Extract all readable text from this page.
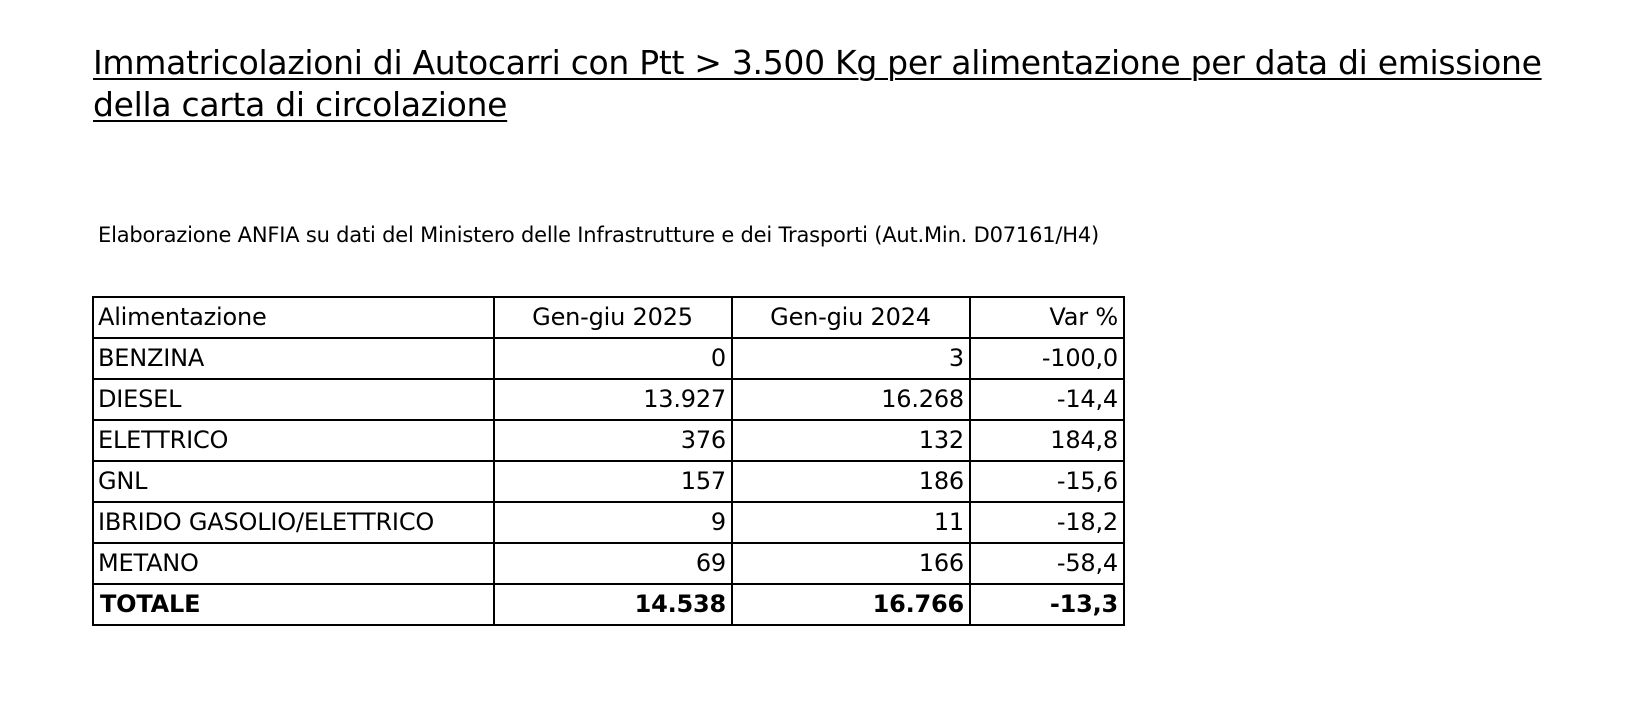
Immatricolazioni di Autocarri con Ptt > 3.500 Kg per alimentazione per data di emissione
della carta di circolazione
Elaborazione ANFIA su dati del Ministero delle Infrastrutture e dei Trasporti (Aut.Min. D07161/H4)
Alimentazione	Gen-giu 2025	Gen-giu 2024	Var %
BENZINA	0	3	-100,0
DIESEL	13.927	16.268	-14,4
ELETTRICO	376	132	184,8
GNL	157	186	-15,6
IBRIDO GASOLIO/ELETTRICO	9	11	-18,2
METANO	69	166	-58,4
TOTALE	14.538	16.766	-13,3
